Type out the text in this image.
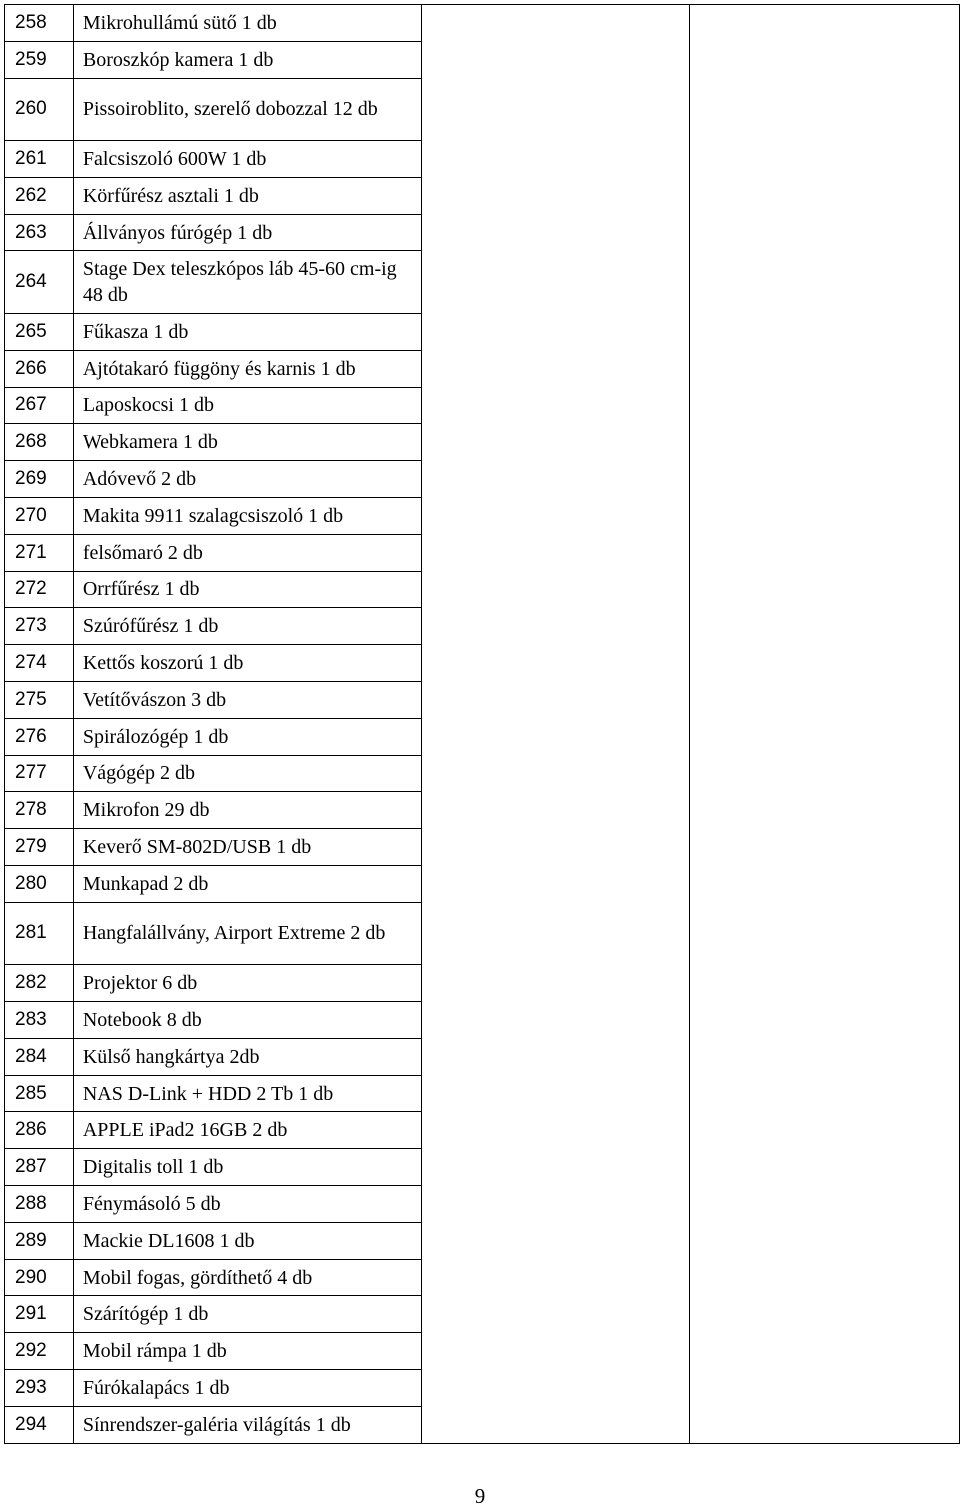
258	Mikrohullámú sütő 1 db		
259	Boroszkóp kamera 1 db		
260	Pissoiroblito, szerelő dobozzal 12 db		
261	Falcsiszoló 600W 1 db		
262	Körfűrész asztali 1 db		
263	Állványos fúrógép 1 db		
264	Stage Dex teleszkópos láb 45-60 cm-ig 48 db		
265	Fűkasza 1 db		
266	Ajtótakaró függöny és karnis 1 db		
267	Laposkocsi 1 db		
268	Webkamera 1 db		
269	Adóvevő 2 db		
270	Makita 9911 szalagcsiszoló 1 db		
271	felsőmaró 2 db		
272	Orrfűrész 1 db		
273	Szúrófűrész 1 db		
274	Kettős koszorú 1 db		
275	Vetítővászon 3 db		
276	Spirálozógép 1 db		
277	Vágógép 2 db		
278	Mikrofon 29 db		
279	Keverő SM-802D/USB 1 db		
280	Munkapad 2 db		
281	Hangfalállvány, Airport Extreme 2 db		
282	Projektor 6 db		
283	Notebook 8 db		
284	Külső hangkártya 2db		
285	NAS D-Link + HDD 2 Tb 1 db		
286	APPLE iPad2 16GB 2 db		
287	Digitalis toll 1 db		
288	Fénymásoló 5 db		
289	Mackie DL1608 1 db		
290	Mobil fogas, gördíthető 4 db		
291	Szárítógép 1 db		
292	Mobil rámpa 1 db		
293	Fúrókalapács 1 db		
294	Sínrendszer-galéria világítás 1 db		
9
